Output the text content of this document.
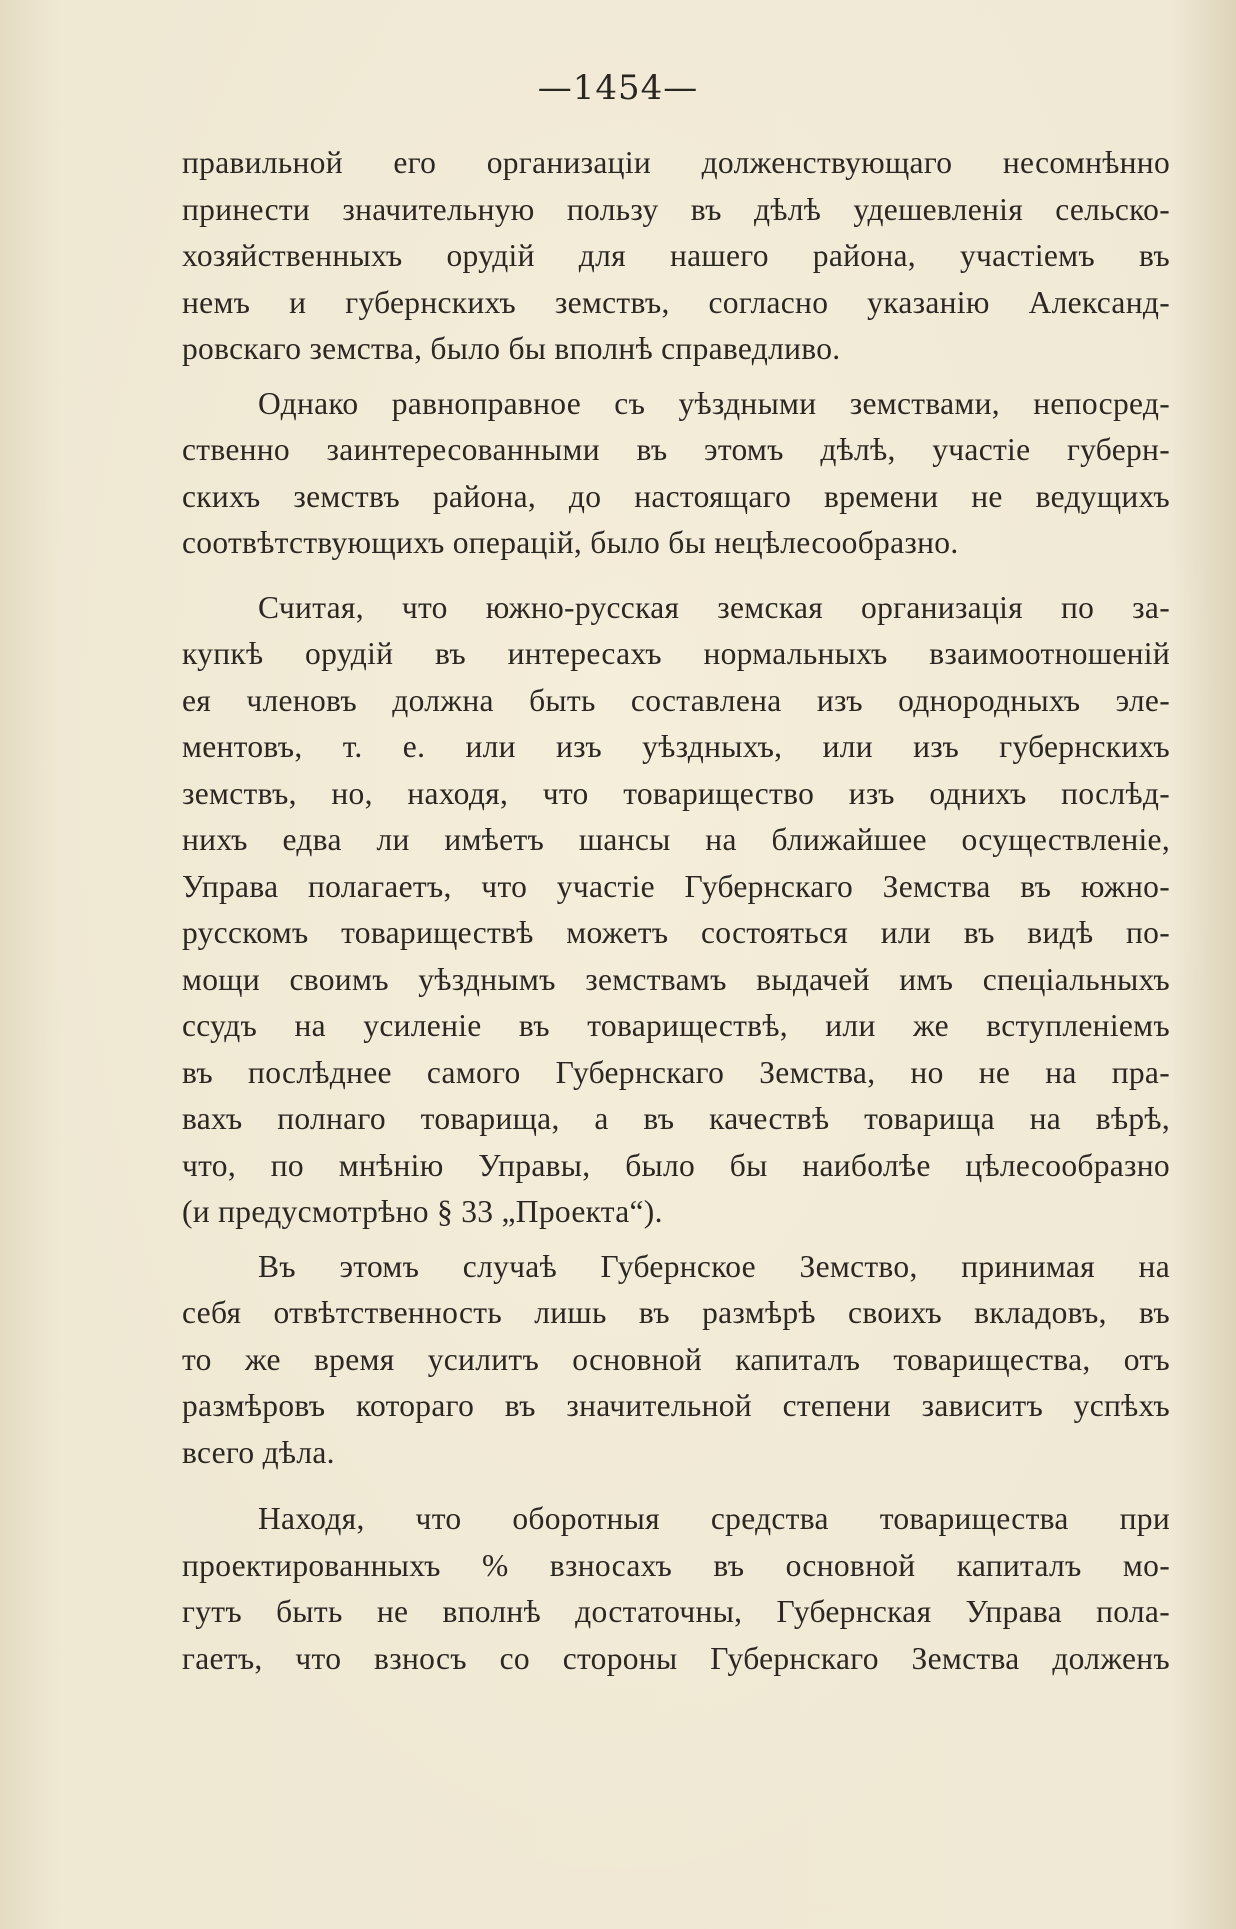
—1454—
правильной его организаціи долженствующаго несомнѣнно
принести значительную пользу въ дѣлѣ удешевленія сельско-
хозяйственныхъ орудій для нашего района, участіемъ въ
немъ и губернскихъ земствъ, согласно указанію Александ-
ровскаго земства, было бы вполнѣ справедливо.
Однако равноправное съ уѣздными земствами, непосред-
ственно заинтересованными въ этомъ дѣлѣ, участіе губерн-
скихъ земствъ района, до настоящаго времени не ведущихъ
соотвѣтствующихъ операцій, было бы нецѣлесообразно.
Считая, что южно-русская земская организація по за-
купкѣ орудій въ интересахъ нормальныхъ взаимоотношеній
ея членовъ должна быть составлена изъ однородныхъ эле-
ментовъ, т. е. или изъ уѣздныхъ, или изъ губернскихъ
земствъ, но, находя, что товарищество изъ однихъ послѣд-
нихъ едва ли имѣетъ шансы на ближайшее осуществленіе,
Управа полагаетъ, что участіе Губернскаго Земства въ южно-
русскомъ товариществѣ можетъ состояться или въ видѣ по-
мощи своимъ уѣзднымъ земствамъ выдачей имъ спеціальныхъ
ссудъ на усиленіе въ товариществѣ, или же вступленіемъ
въ послѣднее самого Губернскаго Земства, но не на пра-
вахъ полнаго товарища, а въ качествѣ товарища на вѣрѣ,
что, по мнѣнію Управы, было бы наиболѣе цѣлесообразно
(и предусмотрѣно § 33 „Проекта“).
Въ этомъ случаѣ Губернское Земство, принимая на
себя отвѣтственность лишь въ размѣрѣ своихъ вкладовъ, въ
то же время усилитъ основной капиталъ товарищества, отъ
размѣровъ котораго въ значительной степени зависитъ успѣхъ
всего дѣла.
Находя, что оборотныя средства товарищества при
проектированныхъ % взносахъ въ основной капиталъ мо-
гутъ быть не вполнѣ достаточны, Губернская Управа пола-
гаетъ, что взносъ со стороны Губернскаго Земства долженъ
